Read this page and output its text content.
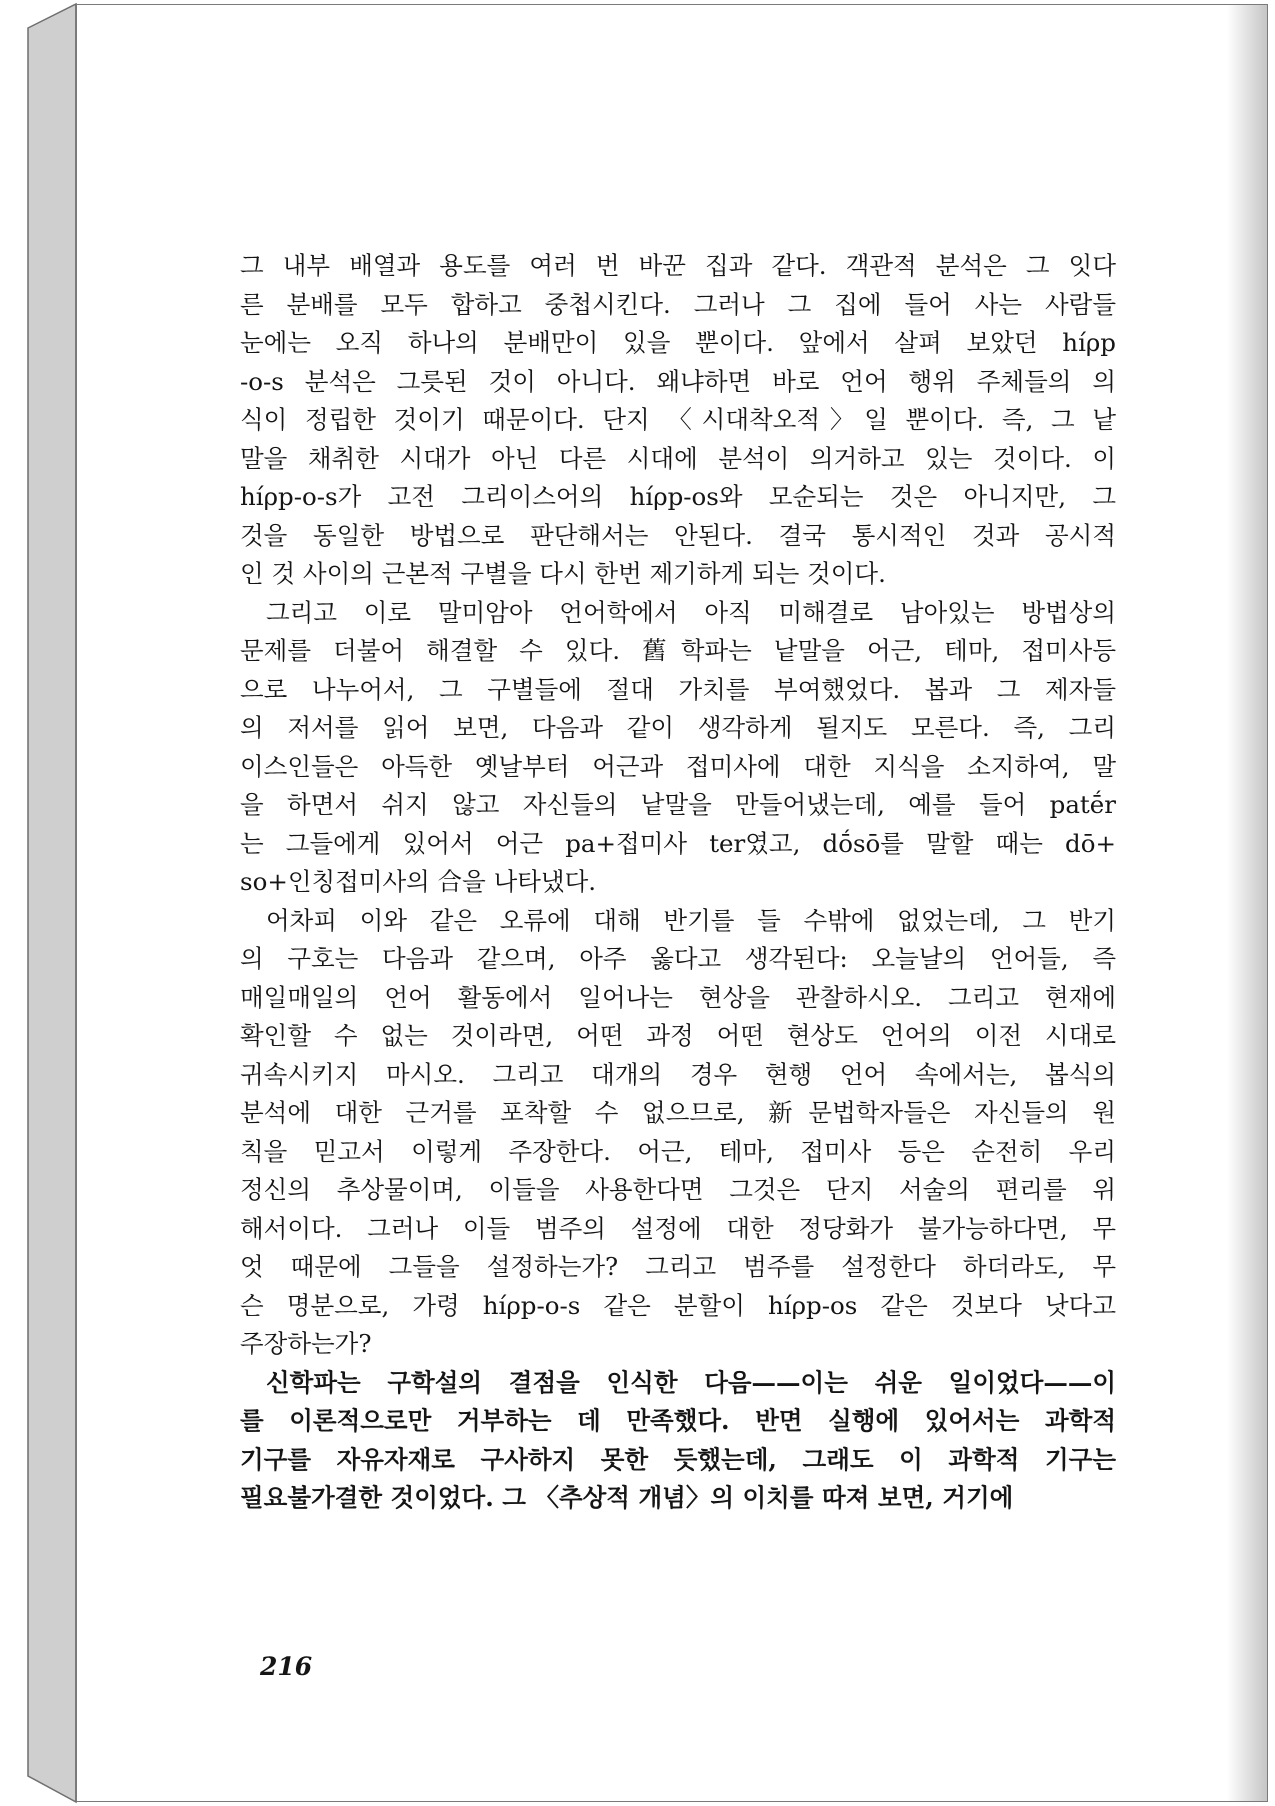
그 내부 배열과 용도를 여러 번 바꾼 집과 같다. 객관적 분석은 그 잇다
른 분배를 모두 합하고 중첩시킨다. 그러나 그 집에 들어 사는 사람들
눈에는 오직 하나의 분배만이 있을 뿐이다. 앞에서 살펴 보았던 híρp
-o-s 분석은 그릇된 것이 아니다. 왜냐하면 바로 언어 행위 주체들의 의
식이 정립한 것이기 때문이다. 단지 〈시대착오적〉일 뿐이다. 즉, 그 낱
말을 채취한 시대가 아닌 다른 시대에 분석이 의거하고 있는 것이다. 이
híρp-o-s가 고전 그리이스어의 híρp-os와 모순되는 것은 아니지만, 그
것을 동일한 방법으로 판단해서는 안된다. 결국 통시적인 것과 공시적
인 것 사이의 근본적 구별을 다시 한번 제기하게 되는 것이다.
그리고 이로 말미암아 언어학에서 아직 미해결로 남아있는 방법상의
문제를 더불어 해결할 수 있다. 舊학파는 낱말을 어근, 테마, 접미사등
으로 나누어서, 그 구별들에 절대 가치를 부여했었다. 봅과 그 제자들
의 저서를 읽어 보면, 다음과 같이 생각하게 될지도 모른다. 즉, 그리
이스인들은 아득한 옛날부터 어근과 접미사에 대한 지식을 소지하여, 말
을 하면서 쉬지 않고 자신들의 낱말을 만들어냈는데, 예를 들어 patḗr
는 그들에게 있어서 어근 pa+접미사 ter였고, dṓsō를 말할 때는 dō+
so+인칭접미사의 合을 나타냈다.
어차피 이와 같은 오류에 대해 반기를 들 수밖에 없었는데, 그 반기
의 구호는 다음과 같으며, 아주 옳다고 생각된다: 오늘날의 언어들, 즉
매일매일의 언어 활동에서 일어나는 현상을 관찰하시오. 그리고 현재에
확인할 수 없는 것이라면, 어떤 과정 어떤 현상도 언어의 이전 시대로
귀속시키지 마시오. 그리고 대개의 경우 현행 언어 속에서는, 봅식의
분석에 대한 근거를 포착할 수 없으므로, 新문법학자들은 자신들의 원
칙을 믿고서 이렇게 주장한다. 어근, 테마, 접미사 등은 순전히 우리
정신의 추상물이며, 이들을 사용한다면 그것은 단지 서술의 편리를 위
해서이다. 그러나 이들 범주의 설정에 대한 정당화가 불가능하다면, 무
엇 때문에 그들을 설정하는가? 그리고 범주를 설정한다 하더라도, 무
슨 명분으로, 가령 híρp-o-s 같은 분할이 híρp-os 같은 것보다 낫다고
주장하는가?
신학파는 구학설의 결점을 인식한 다음——이는 쉬운 일이었다——이
를 이론적으로만 거부하는 데 만족했다. 반면 실행에 있어서는 과학적
기구를 자유자재로 구사하지 못한 듯했는데, 그래도 이 과학적 기구는
필요불가결한 것이었다. 그 〈추상적 개념〉의 이치를 따져 보면, 거기에
216
